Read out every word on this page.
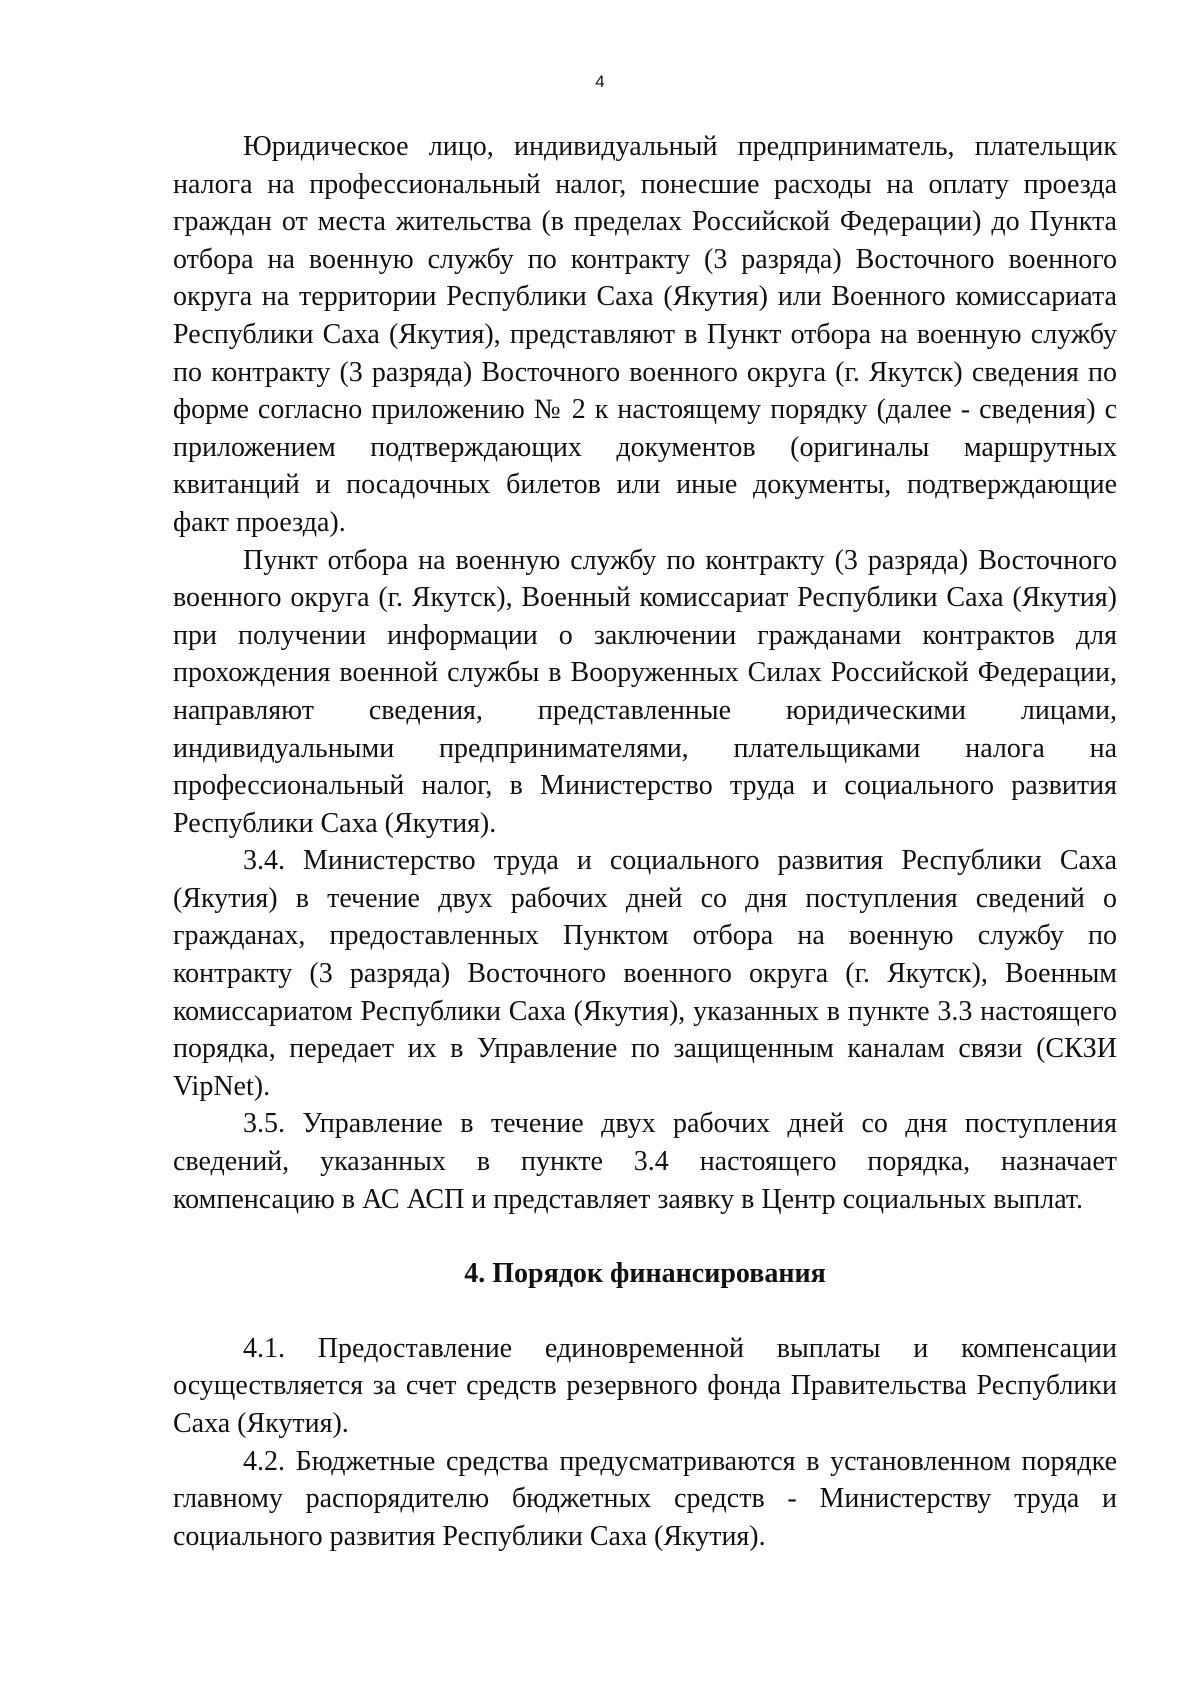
4

Юридическое лицо, индивидуальный предприниматель, плательщик налога на профессиональный налог, понесшие расходы на оплату проезда граждан от места жительства (в пределах Российской Федерации) до Пункта отбора на военную службу по контракту (3 разряда) Восточного военного округа на территории Республики Саха (Якутия) или Военного комиссариата Республики Саха (Якутия), представляют в Пункт отбора на военную службу по контракту (3 разряда) Восточного военного округа (г. Якутск) сведения по форме согласно приложению № 2 к настоящему порядку (далее - сведения) с приложением подтверждающих документов (оригиналы маршрутных квитанций и посадочных билетов или иные документы, подтверждающие факт проезда).

Пункт отбора на военную службу по контракту (3 разряда) Восточного военного округа (г. Якутск), Военный комиссариат Республики Саха (Якутия) при получении информации о заключении гражданами контрактов для прохождения военной службы в Вооруженных Силах Российской Федерации, направляют сведения, представленные юридическими лицами, индивидуальными предпринимателями, плательщиками налога на профессиональный налог, в Министерство труда и социального развития Республики Саха (Якутия).

3.4. Министерство труда и социального развития Республики Саха (Якутия) в течение двух рабочих дней со дня поступления сведений о гражданах, предоставленных Пунктом отбора на военную службу по контракту (3 разряда) Восточного военного округа (г. Якутск), Военным комиссариатом Республики Саха (Якутия), указанных в пункте 3.3 настоящего порядка, передает их в Управление по защищенным каналам связи (СКЗИ VipNet).

3.5. Управление в течение двух рабочих дней со дня поступления сведений, указанных в пункте 3.4 настоящего порядка, назначает компенсацию в АС АСП и представляет заявку в Центр социальных выплат.

4. Порядок финансирования

4.1. Предоставление единовременной выплаты и компенсации осуществляется за счет средств резервного фонда Правительства Республики Саха (Якутия).

4.2. Бюджетные средства предусматриваются в установленном порядке главному распорядителю бюджетных средств - Министерству труда и социального развития Республики Саха (Якутия).
